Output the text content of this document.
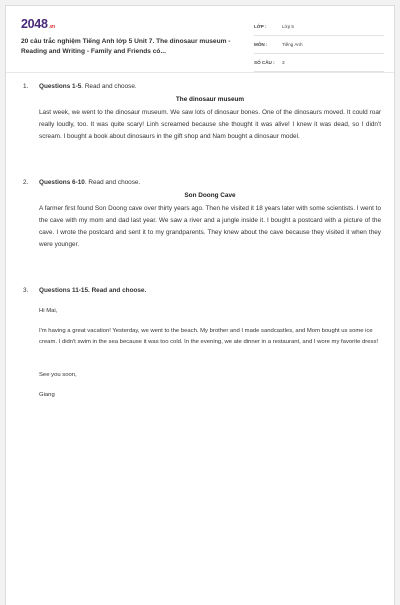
2048.vn
20 câu trắc nghiệm Tiếng Anh lớp 5 Unit 7. The dinosaur museum - Reading and Writing - Family and Friends có...
LỚP :	Lớp 5
MÔN :	Tiếng Anh
SỐ CÂU :	3
1. Questions 1-5. Read and choose.
The dinosaur museum
Last week, we went to the dinosaur museum. We saw lots of dinosaur bones. One of the dinosaurs moved. It could roar really loudly, too. It was quite scary! Linh screamed because she thought it was alive! I knew it was dead, so I didn't scream. I bought a book about dinosaurs in the gift shop and Nam bought a dinosaur model.
2. Questions 6-10. Read and choose.
Son Doong Cave
A farmer first found Son Doong cave over thirty years ago. Then he visited it 18 years later with some scientists. I went to the cave with my mom and dad last year. We saw a river and a jungle inside it. I bought a postcard with a picture of the cave. I wrote the postcard and sent it to my grandparents. They knew about the cave because they visited it when they were younger.
3. Questions 11-15. Read and choose.
Hi Mai,
I'm having a great vacation! Yesterday, we went to the beach. My brother and I made sandcastles, and Mom bought us some ice cream. I didn't swim in the sea because it was too cold. In the evening, we ate dinner in a restaurant, and I wore my favorite dress!
See you soon,
Giang
